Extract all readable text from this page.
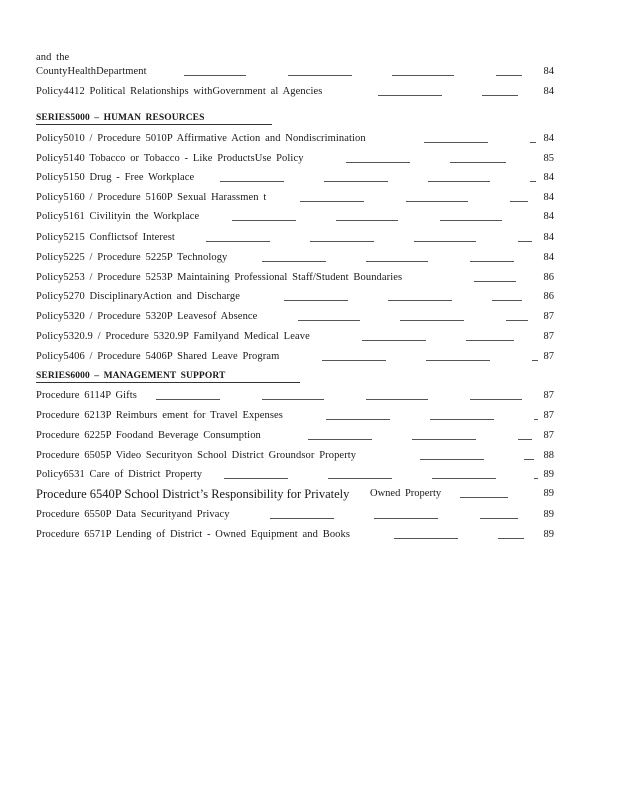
and the
CountyHealthDepartment	84
Policy4412 Political Relationships withGovernment al Agencies	84
SERIES5000 – HUMAN RESOURCES
Policy5010 / Procedure 5010P Affirmative Action and Nondiscrimination	84
Policy5140 Tobacco or Tobacco - Like ProductsUse Policy	85
Policy5150 Drug - Free Workplace	84
Policy5160 / Procedure 5160P Sexual Harassmen t	84
Policy5161 Civilityin the Workplace	84
Policy5215 Conflictsof Interest	84
Policy5225 / Procedure 5225P Technology	84
Policy5253 / Procedure 5253P Maintaining Professional Staff/Student Boundaries	86
Policy5270 DisciplinaryAction and Discharge	86
Policy5320 / Procedure 5320P Leavesof Absence	87
Policy5320.9 / Procedure 5320.9P Familyand Medical Leave	87
Policy5406 / Procedure 5406P Shared Leave Program	87
SERIES6000 – MANAGEMENT SUPPORT
Procedure 6114P Gifts	87
Procedure 6213P Reimburs ement for Travel Expenses	87
Procedure 6225P Foodand Beverage Consumption	87
Procedure 6505P Video Securityon School District Groundsor Property	88
Policy6531 Care of District Property	89
Procedure 6540P School District’s Responsibility for Privately Owned Property	89
Procedure 6550P Data Securityand Privacy	89
Procedure 6571P Lending of District - Owned Equipment and Books	89
